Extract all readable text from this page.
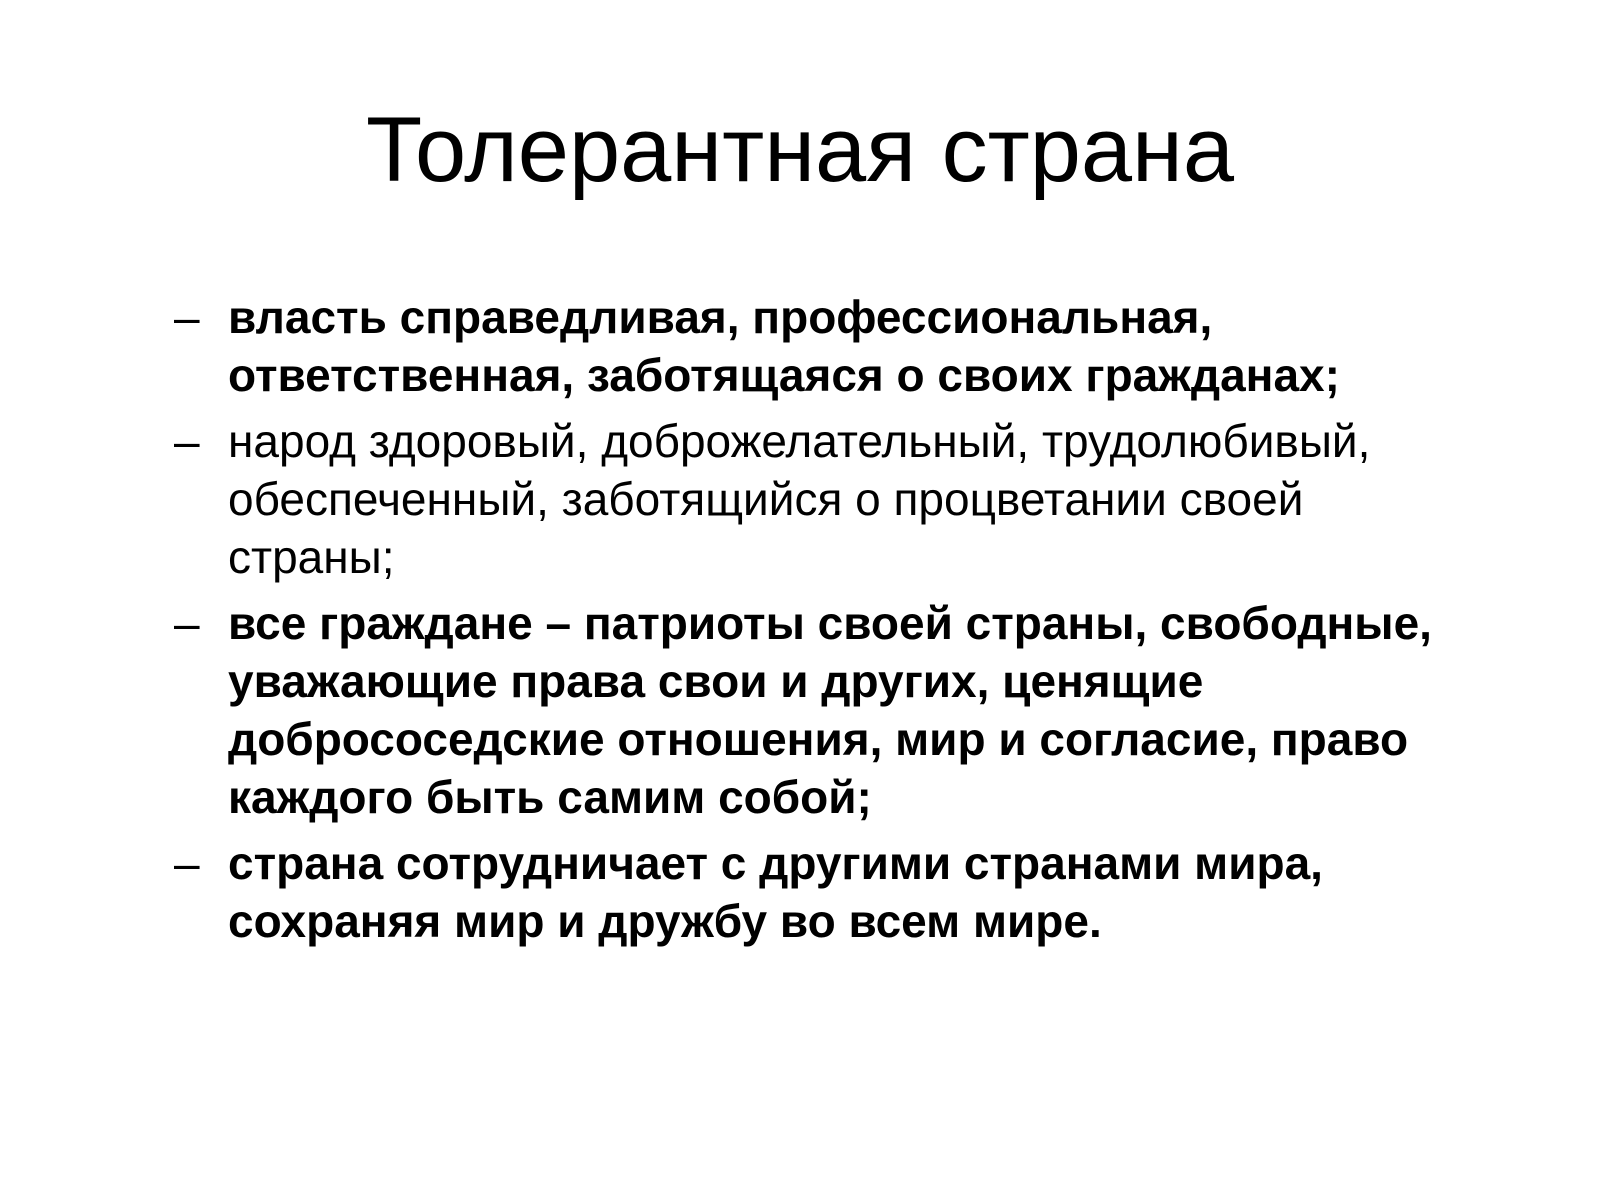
Толерантная страна
– власть справедливая, профессиональная, ответственная, заботящаяся о своих гражданах;
– народ здоровый, доброжелательный, трудолюбивый, обеспеченный, заботящийся о процветании своей страны;
– все граждане – патриоты своей страны, свободные, уважающие права свои и других, ценящие добрососедские отношения, мир и согласие, право каждого быть самим собой;
– страна сотрудничает с другими странами мира, сохраняя мир и дружбу во всем мире.
